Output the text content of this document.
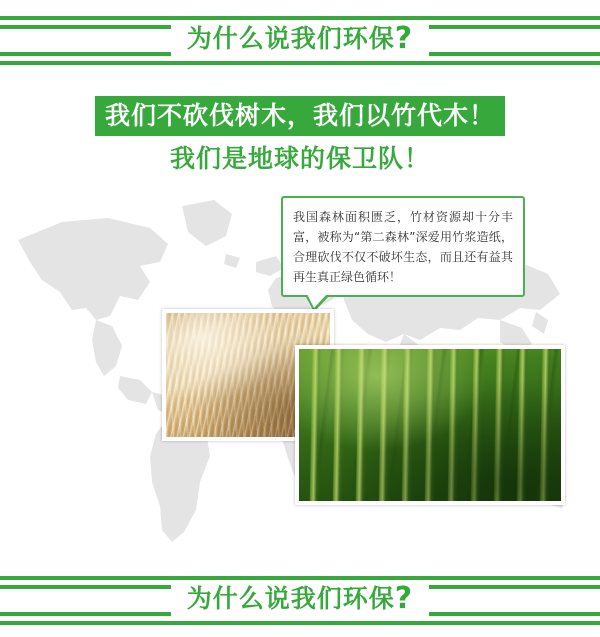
为什么说我们环保?
我们不砍伐树木，我们以竹代木！
我们是地球的保卫队！

我国森林面积匮乏，竹材资源却十分丰富，被称为“第二森林”深爱用竹浆造纸，合理砍伐不仅不破坏生态，而且还有益其再生真正绿色循环！

为什么说我们环保?
